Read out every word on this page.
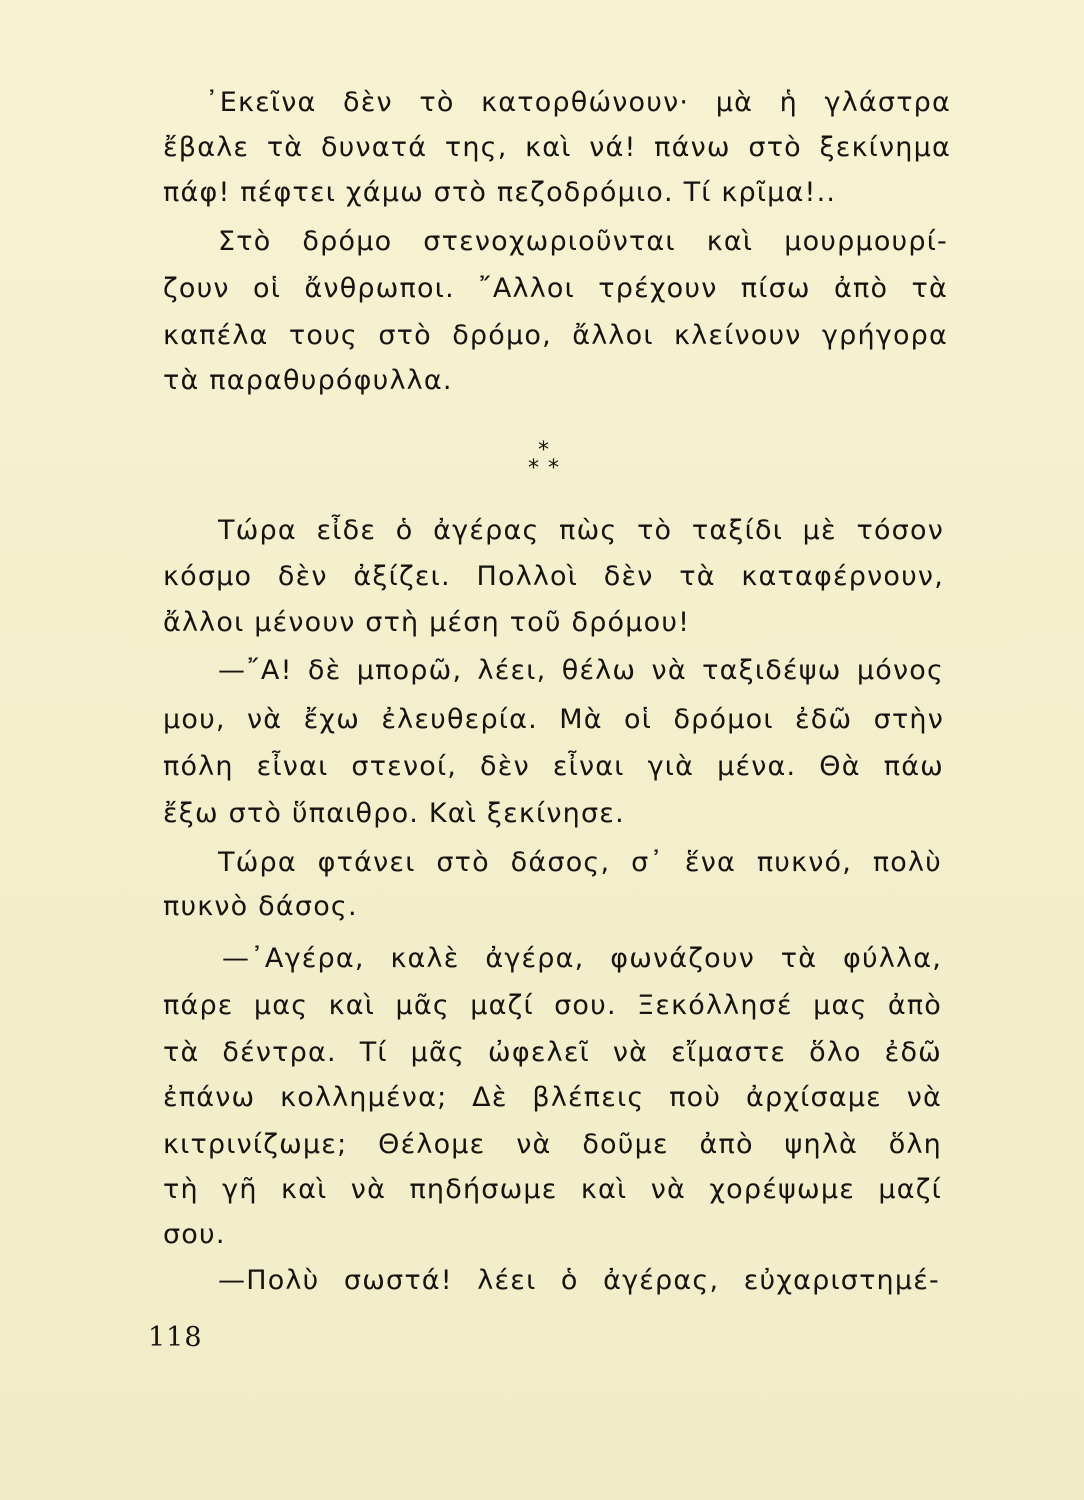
᾿Εκεῖνα δὲν τὸ κατορθώνουν· μὰ ἡ γλάστρα
ἔβαλε τὰ δυνατά της, καὶ νά! πάνω στὸ ξεκίνημα
πάφ! πέφτει χάμω στὸ πεζοδρόμιο. Τί κρῖμα!..
Στὸ δρόμο στενοχωριοῦνται καὶ μουρμουρί-
ζουν οἱ ἄνθρωποι. ῎Αλλοι τρέχουν πίσω ἀπὸ τὰ
καπέλα τους στὸ δρόμο, ἄλλοι κλείνουν γρήγορα
τὰ παραθυρόφυλλα.
*
* *
Τώρα εἶδε ὁ ἀγέρας πὼς τὸ ταξίδι μὲ τόσον
κόσμο δὲν ἀξίζει. Πολλοὶ δὲν τὰ καταφέρνουν,
ἄλλοι μένουν στὴ μέση τοῦ δρόμου!
—῎Α! δὲ μπορῶ, λέει, θέλω νὰ ταξιδέψω μόνος
μου, νὰ ἔχω ἐλευθερία. Μὰ οἱ δρόμοι ἐδῶ στὴν
πόλη εἶναι στενοί, δὲν εἶναι γιὰ μένα. Θὰ πάω
ἔξω στὸ ὕπαιθρο. Καὶ ξεκίνησε.
Τώρα φτάνει στὸ δάσος, σ᾿ ἕνα πυκνό, πολὺ
πυκνὸ δάσος.
—᾿Αγέρα, καλὲ ἀγέρα, φωνάζουν τὰ φύλλα,
πάρε μας καὶ μᾶς μαζί σου. Ξεκόλλησέ μας ἀπὸ
τὰ δέντρα. Τί μᾶς ὠφελεῖ νὰ εἴμαστε ὅλο ἐδῶ
ἐπάνω κολλημένα; Δὲ βλέπεις ποὺ ἀρχίσαμε νὰ
κιτρινίζωμε; Θέλομε νὰ δοῦμε ἀπὸ ψηλὰ ὅλη
τὴ γῆ καὶ νὰ πηδήσωμε καὶ νὰ χορέψωμε μαζί
σου.
—Πολὺ σωστά! λέει ὁ ἀγέρας, εὐχαριστημέ-
118
